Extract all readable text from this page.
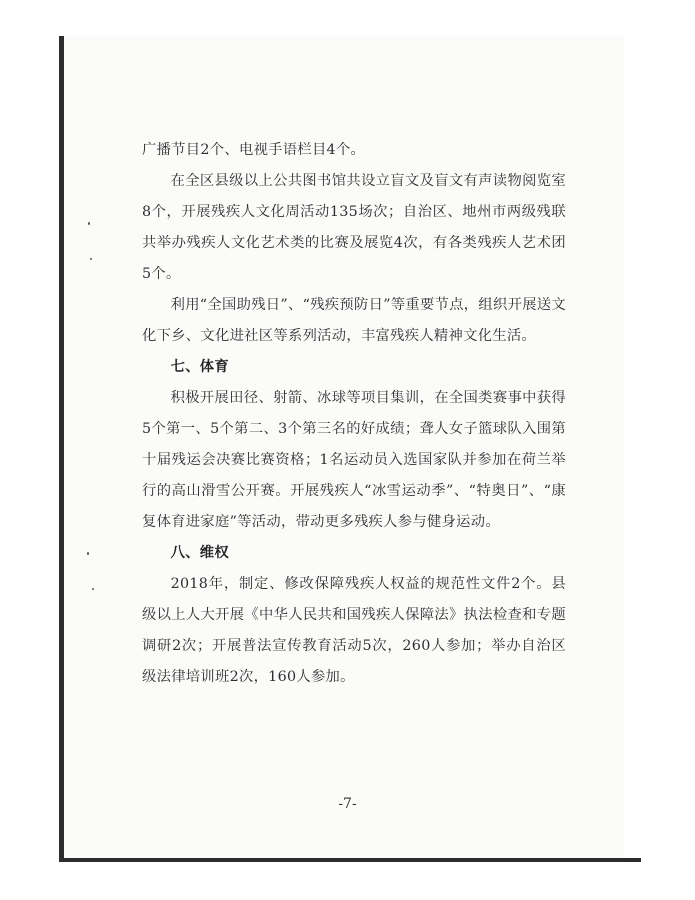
广播节目2个、电视手语栏目4个。

在全区县级以上公共图书馆共设立盲文及盲文有声读物阅览室8个，开展残疾人文化周活动135场次；自治区、地州市两级残联共举办残疾人文化艺术类的比赛及展览4次，有各类残疾人艺术团5个。

利用“全国助残日”、“残疾预防日”等重要节点，组织开展送文化下乡、文化进社区等系列活动，丰富残疾人精神文化生活。

七、体育

积极开展田径、射箭、冰球等项目集训，在全国类赛事中获得5个第一、5个第二、3个第三名的好成绩；聋人女子篮球队入围第十届残运会决赛比赛资格；1名运动员入选国家队并参加在荷兰举行的高山滑雪公开赛。开展残疾人“冰雪运动季”、“特奥日”、“康复体育进家庭”等活动，带动更多残疾人参与健身运动。

八、维权

2018年，制定、修改保障残疾人权益的规范性文件2个。县级以上人大开展《中华人民共和国残疾人保障法》执法检查和专题调研2次；开展普法宣传教育活动5次，260人参加；举办自治区级法律培训班2次，160人参加。

-7-
